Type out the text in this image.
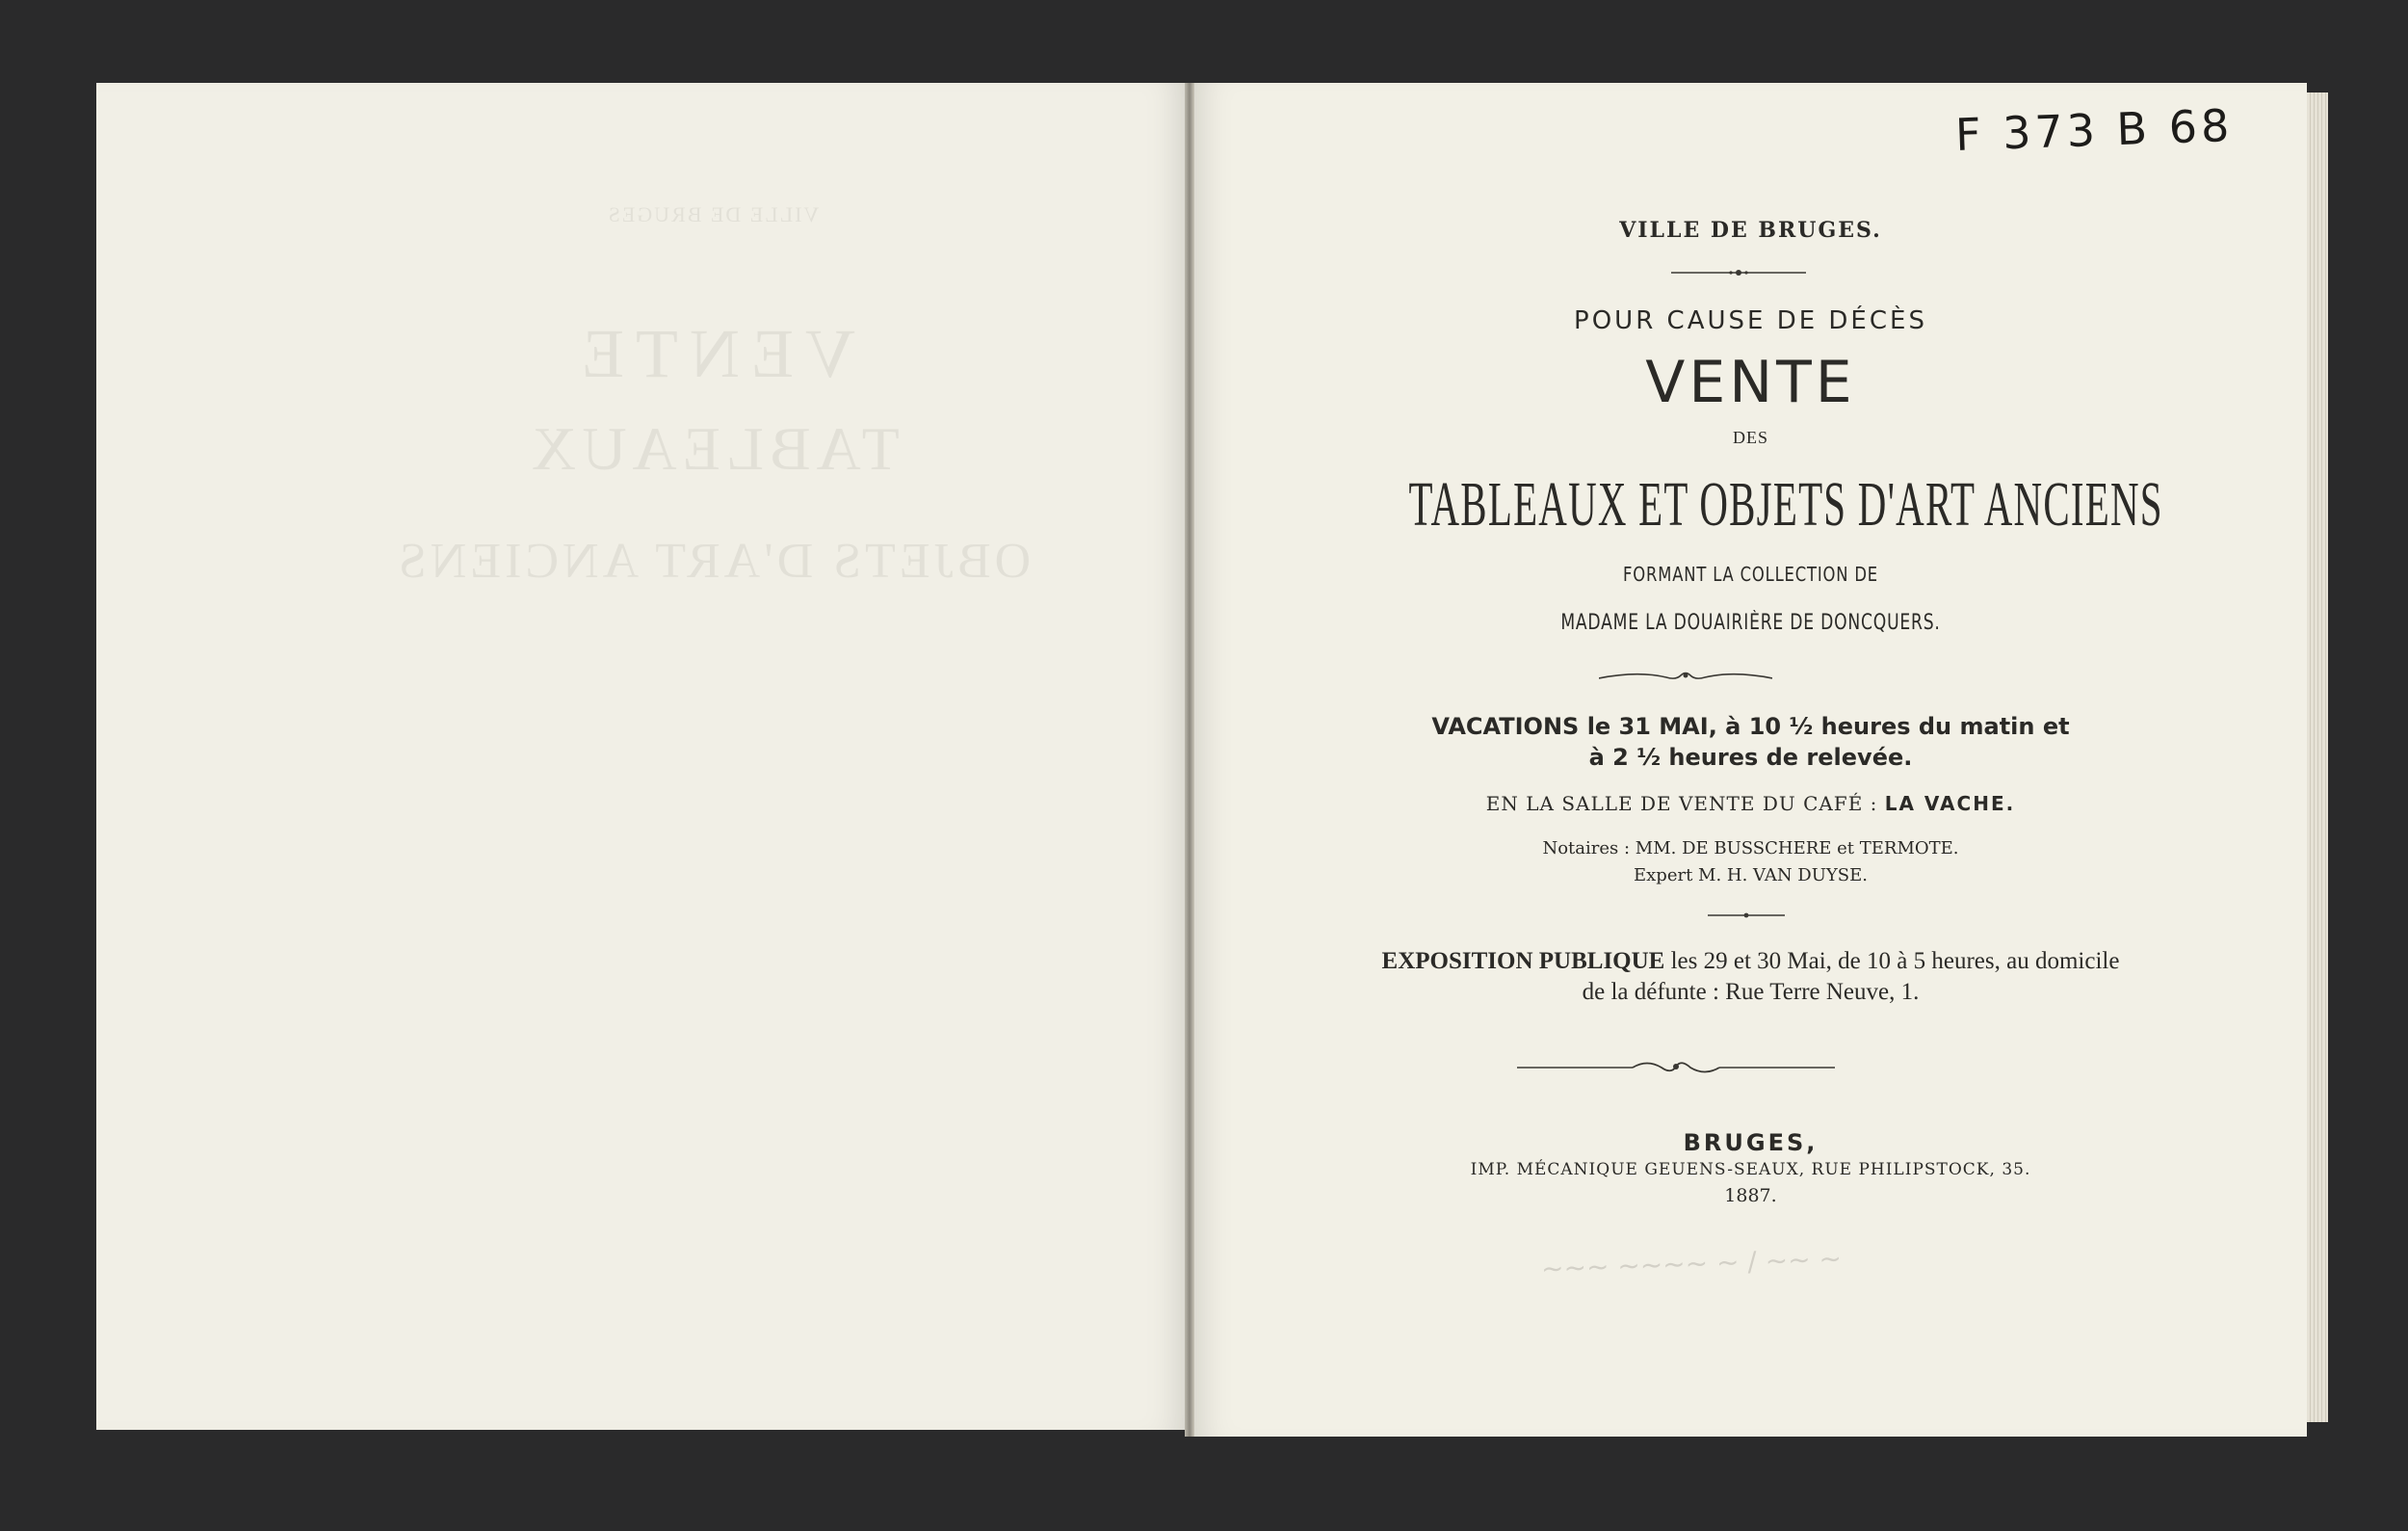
VILLE DE BRUGES
VENTE
TABLEAUX
OBJETS D'ART ANCIENS
F 373 B 68
~~~ ~~~~ ~ / ~~ ~
VILLE DE BRUGES.
POUR CAUSE DE DÉCÈS
VENTE
DES
TABLEAUX ET OBJETS D'ART ANCIENS
FORMANT LA COLLECTION DE
MADAME LA DOUAIRIÈRE DE DONCQUERS.
VACATIONS le 31 MAI, à 10 ½ heures du matin et
à 2 ½ heures de relevée.
EN LA SALLE DE VENTE DU CAFÉ : LA VACHE.
Notaires : MM. DE BUSSCHERE et TERMOTE.
Expert M. H. VAN DUYSE.
EXPOSITION PUBLIQUE les 29 et 30 Mai, de 10 à 5 heures, au domicile
de la défunte : Rue Terre Neuve, 1.
BRUGES,
IMP. MÉCANIQUE GEUENS-SEAUX, RUE PHILIPSTOCK, 35.
1887.
